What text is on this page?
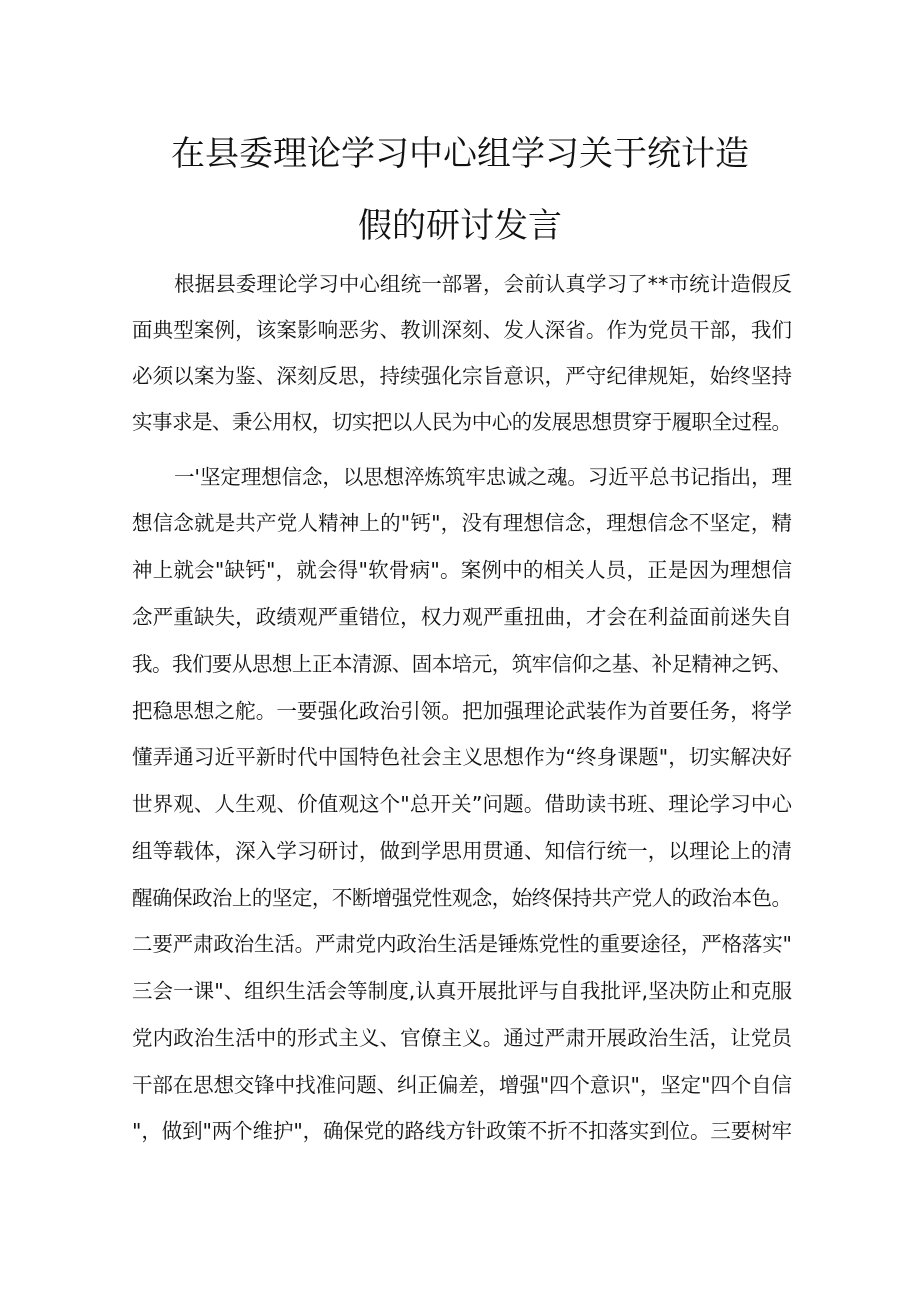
在县委理论学习中心组学习关于统计造
假的研讨发言

根据县委理论学习中心组统一部署，会前认真学习了**市统计造假反

面典型案例，该案影响恶劣、教训深刻、发人深省。作为党员干部，我们

必须以案为鉴、深刻反思，持续强化宗旨意识，严守纪律规矩，始终坚持

实事求是、秉公用权，切实把以人民为中心的发展思想贯穿于履职全过程。

一'坚定理想信念，以思想淬炼筑牢忠诚之魂。习近平总书记指出，理

想信念就是共产党人精神上的"钙"，没有理想信念，理想信念不坚定，精

神上就会"缺钙"，就会得"软骨病"。案例中的相关人员，正是因为理想信

念严重缺失，政绩观严重错位，权力观严重扭曲，才会在利益面前迷失自

我。我们要从思想上正本清源、固本培元，筑牢信仰之基、补足精神之钙、

把稳思想之舵。一要强化政治引领。把加强理论武装作为首要任务，将学

懂弄通习近平新时代中国特色社会主义思想作为“终身课题"，切实解决好

世界观、人生观、价值观这个"总开关”问题。借助读书班、理论学习中心

组等载体，深入学习研讨，做到学思用贯通、知信行统一，以理论上的清

醒确保政治上的坚定，不断增强党性观念，始终保持共产党人的政治本色。

二要严肃政治生活。严肃党内政治生活是锤炼党性的重要途径，严格落实"

三会一课"、组织生活会等制度,认真开展批评与自我批评,坚决防止和克服

党内政治生活中的形式主义、官僚主义。通过严肃开展政治生活，让党员

干部在思想交锋中找准问题、纠正偏差，增强"四个意识"，坚定"四个自信

"，做到"两个维护"，确保党的路线方针政策不折不扣落实到位。三要树牢
